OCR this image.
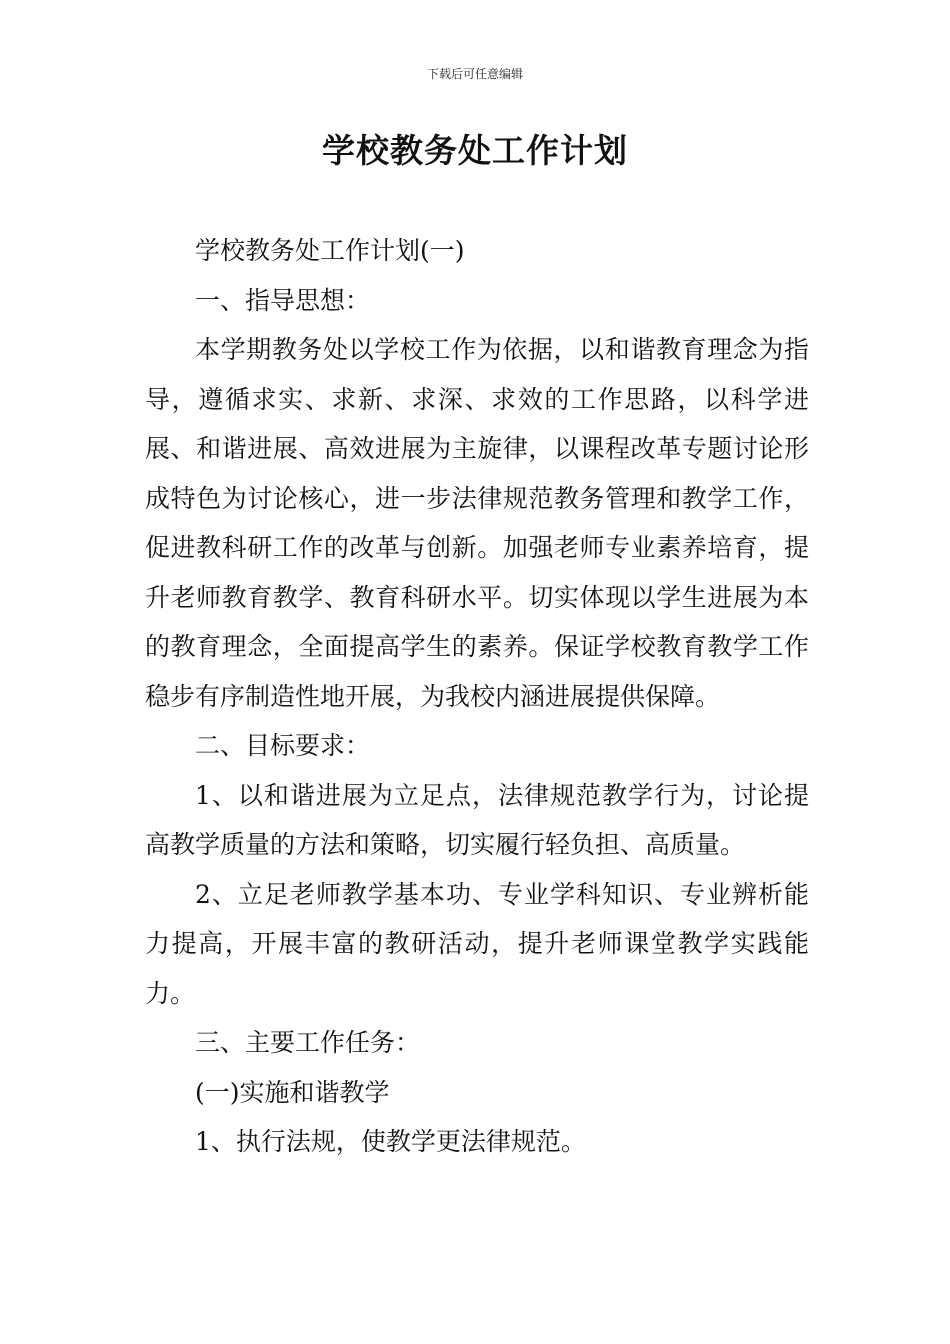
下载后可任意编辑
学校教务处工作计划

学校教务处工作计划(一)

一、指导思想：

本学期教务处以学校工作为依据，以和谐教育理念为指导，遵循求实、求新、求深、求效的工作思路，以科学进展、和谐进展、高效进展为主旋律，以课程改革专题讨论形成特色为讨论核心，进一步法律规范教务管理和教学工作，促进教科研工作的改革与创新。加强老师专业素养培育，提升老师教育教学、教育科研水平。切实体现以学生进展为本的教育理念，全面提高学生的素养。保证学校教育教学工作稳步有序制造性地开展，为我校内涵进展提供保障。

二、目标要求：

1、以和谐进展为立足点，法律规范教学行为，讨论提高教学质量的方法和策略，切实履行轻负担、高质量。

2、立足老师教学基本功、专业学科知识、专业辨析能力提高，开展丰富的教研活动，提升老师课堂教学实践能力。

三、主要工作任务：

(一)实施和谐教学

1、执行法规，使教学更法律规范。
